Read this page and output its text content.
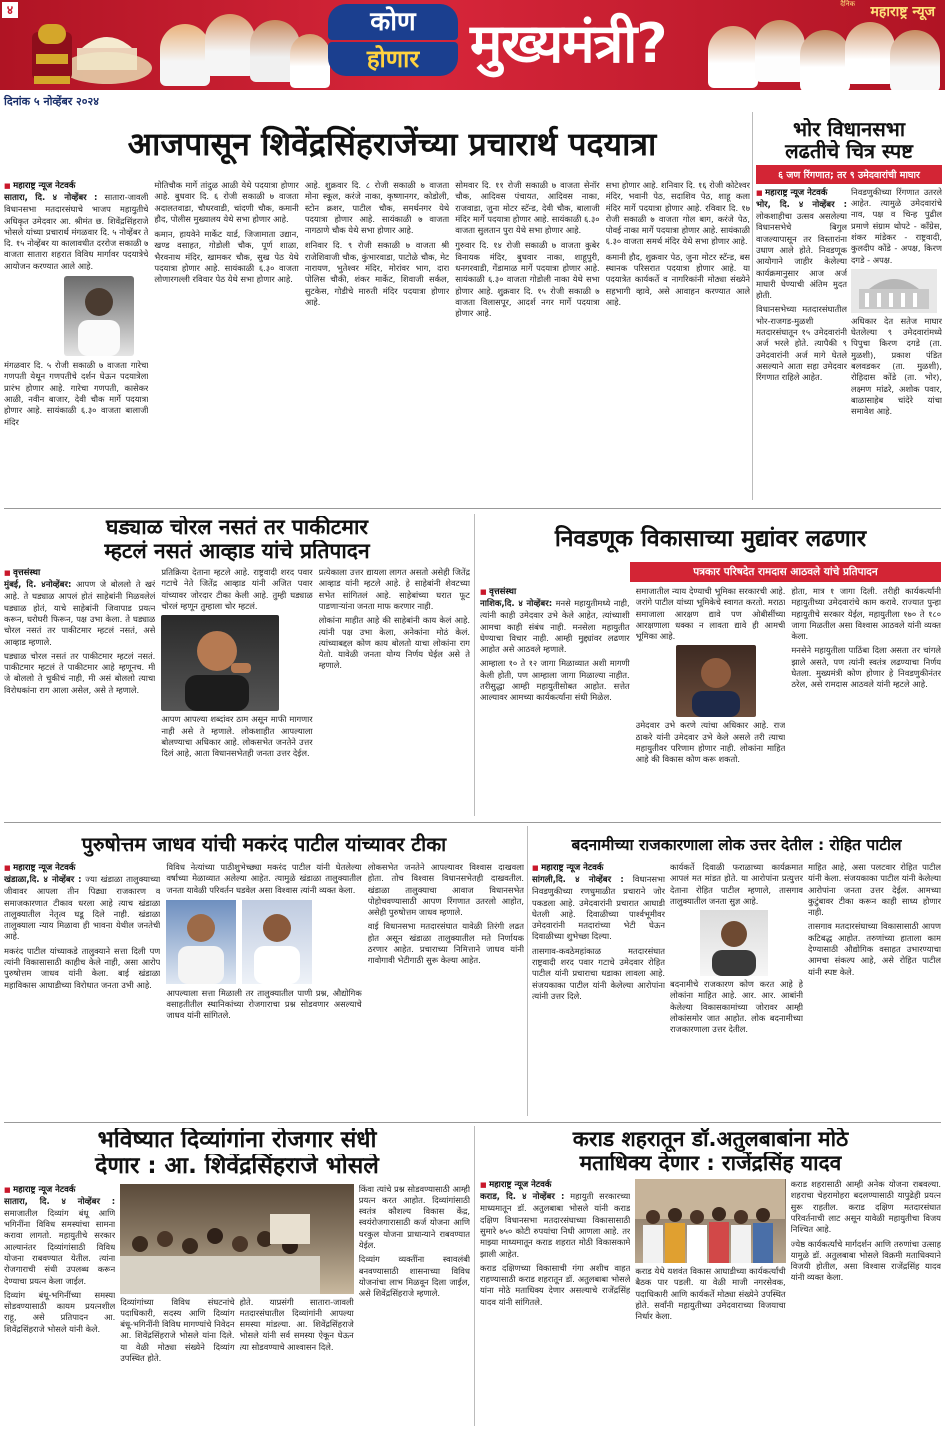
४	कोण
होणार मुख्यमंत्री?
दैनिक महाराष्ट्र न्यूज
दिनांक ५ नोव्हेंबर २०२४
आजपासून शिवेंद्रसिंहराजेंच्या प्रचारार्थ पदयात्रा
■ महाराष्ट्र न्यूज नेटवर्क
सातारा, दि. ४ नोव्हेंबर : सातारा-जावली विधानसभा मतदारसंघाचे भाजप महायुतीचे अधिकृत उमेदवार आ. श्रीमंत छ. शिवेंद्रसिंहराजे भोसले यांच्या प्रचारार्थ मंगळवार दि. ५ नोव्हेंबर ते दि. १५ नोव्हेंबर या कालावधीत दररोज सकाळी ७ वाजता सातारा शहरात विविध मार्गावर पदयात्रेचे आयोजन करण्यात आले आहे.
मंगळवार दि. ५ रोजी सकाळी ७ वाजता गारेचा गणपती येथून गणपतीचे दर्शन घेऊन पदयात्रेला प्रारंभ होणार आहे. गारेचा गणपती, कासेकर आळी, नवीन बाजार, देवी चौक मार्गे पदयात्रा होणार आहे. सायंकाळी ६.३० वाजता बालाजी मंदिर
मोतिचौक मार्गे तांदुळ आळी येथे पदयात्रा होणार आहे. बुधवार दि. ६ रोजी सकाळी ७ वाजता अदालतवाडा, चौधरवाडी, चांदणी चौक, कमानी हौद, पोलीस मुख्यालय येथे सभा होणार आहे.
कमान, हायवेने मार्केट यार्ड, जिजामाता उद्यान, खण्ड वसाहत, गोडोली चौक, पूर्ण शाळा, भैरवनाथ मंदिर, खामकर चौक, सुख पेठ येथे पदयात्रा होणार आहे. सायंकाळी ६.३० वाजता लोणारगल्ली रविवार पेठ येथे सभा होणार आहे.
आहे. शुक्रवार दि. ८ रोजी सकाळी ७ वाजता मोना स्कूल, करंजे नाका, कृष्णानगर, कोडोली, स्टोन क्रशर, पाटील चौक, समर्थनगर येथे पदयात्रा होणार आहे. सायंकाळी ७ वाजता नागठाणे चौक येथे सभा होणार आहे.
शनिवार दि. ९ रोजी सकाळी ७ वाजता श्री राजेशिवाजी चौक, कुंभारवाडा, पाटोळे चौक, मेट नारायण, भुतेश्वर मंदिर, मोरांवर भाग, दारा पोलिस चौकी, शंकर मार्केट, शिवाजी सर्कल, सुटकेस, गोडीचे मारुती मंदिर पदयात्रा होणार आहे.
सोमवार दि. ११ रोजी सकाळी ७ वाजता सेनॉर चौक, आदिवस पंचायत, आदिवस नाका, राजवाडा, जुना मोटर स्टॅन्ड, देवी चौक, बालाजी मंदिर मार्गे पदयात्रा होणार आहे. सायंकाळी ६.३० वाजता सुलतान पुरा येथे सभा होणार आहे.
गुरुवार दि. १४ रोजी सकाळी ७ वाजता कुबेर विनायक मंदिर, बुधवार नाका, शाहूपुरी, धनगरवाडी, गेंडामाळ मार्गे पदयात्रा होणार आहे. सायंकाळी ६.३० वाजता गोडोली नाका येथे सभा होणार आहे. शुक्रवार दि. १५ रोजी सकाळी ७ वाजता विलासपूर, आदर्श नगर मार्गे पदयात्रा होणार आहे.
सभा होणार आहे. शनिवार दि. १६ रोजी कोटेश्वर मंदिर, भवानी पेठ, सदाशिव पेठ, शाहू कला मंदिर मार्गे पदयात्रा होणार आहे. रविवार दि. १७ रोजी सकाळी ७ वाजता गोल बाग, करंजे पेठ, पोवई नाका मार्गे पदयात्रा होणार आहे. सायंकाळी ६.३० वाजता समर्थ मंदिर येथे सभा होणार आहे.
कमानी हौद, शुक्रवार पेठ, जुना मोटर स्टॅन्ड, बस स्थानक परिसरात पदयात्रा होणार आहे. या पदयात्रेत कार्यकर्ते व नागरिकांनी मोठ्या संख्येने सहभागी व्हावे, असे आवाहन करण्यात आले आहे.
भोर विधानसभा
लढतीचे चित्र स्पष्ट
६ जण रिंगणात; तर ९ उमेदवारांची माघार
■ महाराष्ट्र न्यूज नेटवर्क
भोर, दि. ४ नोव्हेंबर : लोकशाहीचा उत्सव असलेल्या विधानसभेचे बिगुल वाजल्यापासून तर विस्तारांना उधाण आले होते. निवडणूक आयोगाने जाहीर केलेल्या कार्यक्रमानुसार आज अर्ज माघारी घेण्याची अंतिम मुदत होती.
विधानसभेच्या मतदारसंघातील भोर-राजगड-मुळशी मतदारसंघातून १५ उमेदवारांनी अर्ज भरले होते. त्यापैकी ९ उमेदवारांनी अर्ज मागे घेतले असल्याने आता सहा उमेदवार रिंगणात राहिले आहेत.
निवडणुकीच्या रिंगणात उतरले आहेत. त्यामुळे उमेदवारांचे नाव, पक्ष व चिन्ह पुढील प्रमाणे संग्राम थोपटे - काँग्रेस, शंकर मांडेकर - राष्ट्रवादी, कुलदीप कोंडे - अपक्ष, किरण दगडे - अपक्ष.
अधिकार देत सतेज माघार घेतलेल्या ९ उमेदवारांमध्ये पिपुचा किरण दगडे (ता. मुळशी), प्रकाश पंडित बलवडकर (ता. मुळशी), रोहिदास कोंडे (ता. भोर), लक्ष्मण मांढरे, अशोक पवार, बाळासाहेब चांदेरे यांचा समावेश आहे.
घड्याळ चोरल नसतं तर पाकीटमार
म्हटलं नसतं आव्हाड यांचे प्रतिपादन
■ वृत्तसंस्था
मुंबई, दि. ४नोव्हेंबर: आपण जे बोललो ते खरं आहे. ते घड्याळ आपलं होतं साहेबांनी मिळवलेलं घड्याळ होतं, याचे साहेबांनी जिवापाड प्रयत्न करून, घरोघरी फिरून, पक्ष उभा केला. ते घड्याळ चोरल नसतं तर पाकीटमार म्हटलं नसतं, असे आव्हाड म्हणाले.
घड्याळ चोरल नसतं तर पाकीटमार म्हटलं नसतं. पाकीटमार म्हटलं ते पाकीटमार आहे म्हणूनच. मी जे बोललो ते चुकीचं नाही, मी असं बोललो त्याचा विरोधकांना राग आला असेल, असे ते म्हणाले.
प्रतिक्रिया देताना म्हटले आहे. राष्ट्रवादी शरद पवार गटाचे नेते जितेंद्र आव्हाड यांनी अजित पवार यांच्यावर जोरदार टीका केली आहे. तुम्ही घड्याळ चोरलं म्हणून तुम्हाला चोर म्हटलं.
आपण आपल्या शब्दांवर ठाम असून माफी मागणार नाही असे ते म्हणाले. लोकशाहीत आपल्याला बोलण्याचा अधिकार आहे. लोकसभेत जनतेने उत्तर दिलं आहे, आता विधानसभेतही जनता उत्तर देईल.
प्रत्येकाला उत्तर द्यायला लागत असतो असेही जितेंद्र आव्हाड यांनी म्हटले आहे. हे साहेबांनी शेवटच्या सभेत सांगितलं आहे. साहेबांच्या घरात फूट पाडणाऱ्यांना जनता माफ करणार नाही.
लोकांना माहीत आहे की साहेबांनी काय केलं आहे. त्यांनी पक्ष उभा केला, अनेकांना मोठं केलं. त्यांच्याबद्दल कोण काय बोलतो याचा लोकांना राग येतो. यावेळी जनता योग्य निर्णय घेईल असे ते म्हणाले.
निवडणूक विकासाच्या मुद्यांवर लढणार
पत्रकार परिषदेत रामदास आठवले यांचे प्रतिपादन
■ वृत्तसंस्था
नाशिक,दि. ४ नोव्हेंबर: मनसे महायुतीमध्ये नाही, त्यांनी काही उमेदवार उभे केले आहेत, त्यांच्याशी आमचा काही संबंध नाही. मनसेला महायुतीत घेण्याचा विचार नाही. आम्ही मुद्द्यांवर लढणार आहोत असे आठवले म्हणाले.
आम्हाला १० ते १२ जागा मिळाव्यात अशी मागणी केली होती, पण आम्हाला जागा मिळाल्या नाहीत. तरीसुद्धा आम्ही महायुतीसोबत आहोत. सत्तेत आल्यावर आमच्या कार्यकर्त्यांना संधी मिळेल.
समाजातील न्याय देण्याची भूमिका सरकारची आहे. जरांगे पाटील यांच्या भूमिकेचे स्वागत करतो. मराठा समाजाला आरक्षण द्यावे पण ओबीसींच्या आरक्षणाला धक्का न लावता द्यावे ही आमची भूमिका आहे.
उमेदवार उभे करणे त्यांचा अधिकार आहे. राज ठाकरे यांनी उमेदवार उभे केले असले तरी त्याचा महायुतीवर परिणाम होणार नाही. लोकांना माहित आहे की विकास कोण करू शकतो.
होता, मात्र १ जागा दिली. तरीही कार्यकर्त्यांनी महायुतीच्या उमेदवारांचे काम करावे. राज्यात पुन्हा महायुतीचे सरकार येईल, महायुतीला १७० ते १८० जागा मिळतील असा विश्वास आठवले यांनी व्यक्त केला.
मनसेने महायुतीला पाठिंबा दिला असता तर चांगले झाले असते, पण त्यांनी स्वतंत्र लढण्याचा निर्णय घेतला. मुख्यमंत्री कोण होणार हे निवडणुकीनंतर ठरेल, असे रामदास आठवले यांनी म्हटले आहे.
पुरुषोत्तम जाधव यांची मकरंद पाटील यांच्यावर टीका
■ महाराष्ट्र न्यूज नेटवर्क
खंडाळा,दि. ४ नोव्हेंबर : ज्या खंडाळा तालुक्याच्या जीवावर आपला तीन पिढ्या राजकारण व समाजकारणात टीकाव धरला आहे त्याच खंडाळा तालुक्यातील नेतृत्व घडू दिले नाही. खंडाळा तालुक्याला न्याय मिळावा ही भावना येथील जनतेची आहे.
मकरंद पाटील यांच्याकडे तालुक्याने सत्ता दिली पण त्यांनी विकासासाठी काहीच केले नाही, असा आरोप पुरुषोत्तम जाधव यांनी केला. बाई खंडाळा महाविकास आघाडीच्या विरोधात जनता उभी आहे.
विविध नेत्यांच्या पाठीशुभेच्छ्या मकरंद पाटील यांनी घेतलेल्या वर्षाच्या मेळाव्यात अलेल्या आहेत. त्यामुळे खंडाळा तालुक्यातील जनता यावेळी परिवर्तन घडवेल असा विश्वास त्यांनी व्यक्त केला.
आपल्याला सत्ता मिळाली तर तालुक्यातील पाणी प्रश्न, औद्योगिक वसाहतीतील स्थानिकांच्या रोजगाराचा प्रश्न सोडवणार असल्याचे जाधव यांनी सांगितले.
लोकसभेत जनतेने आपल्यावर विश्वास दाखवला होता. तोच विश्वास विधानसभेतही दाखवतील. खंडाळा तालुक्याचा आवाज विधानसभेत पोहोचवण्यासाठी आपण रिंगणात उतरलो आहोत, असेही पुरुषोत्तम जाधव म्हणाले.
वाई विधानसभा मतदारसंघात यावेळी तिरंगी लढत होत असून खंडाळा तालुक्यातील मते निर्णायक ठरणार आहेत. प्रचाराच्या निमित्ताने जाधव यांनी गावोगावी भेटीगाठी सुरू केल्या आहेत.
बदनामीच्या राजकारणाला लोक उत्तर देतील : रोहित पाटील
■ महाराष्ट्र न्यूज नेटवर्क
सांगली,दि. ४ नोव्हेंबर : विधानसभा निवडणुकीच्या रणधुमाळीत प्रचाराने जोर पकडला आहे. उमेदवारांनी प्रचारात आघाडी घेतली आहे. दिवाळीच्या पार्श्वभूमीवर उमेदवारांनी मतदारांच्या भेटी घेऊन दिवाळीच्या शुभेच्छा दिल्या.
तासगाव-कवठेमहांकाळ मतदारसंघात राष्ट्रवादी शरद पवार गटाचे उमेदवार रोहित पाटील यांनी प्रचाराचा धडाका लावला आहे. संजयकाका पाटील यांनी केलेल्या आरोपांना त्यांनी उत्तर दिले.
कार्यकर्ते दिवाळी फराळाच्या कार्यक्रमात आपलं मत मांडत होते. या आरोपांना प्रत्युत्तर देताना रोहित पाटील म्हणाले, तासगाव तालुक्यातील जनता सुज्ञ आहे.
बदनामीचे राजकारण कोण करत आहे हे लोकांना माहित आहे. आर. आर. आबांनी केलेल्या विकासकामांच्या जोरावर आम्ही लोकांसमोर जात आहोत. लोक बदनामीच्या राजकारणाला उत्तर देतील.
माहित आहे, असा पलटवार रोहित पाटील यांनी केला. संजयकाका पाटील यांनी केलेल्या आरोपांना जनता उत्तर देईल. आमच्या कुटुंबावर टीका करून काही साध्य होणार नाही.
तासगाव मतदारसंघाच्या विकासासाठी आपण कटिबद्ध आहोत. तरुणांच्या हाताला काम देण्यासाठी औद्योगिक वसाहत उभारण्याचा आमचा संकल्प आहे, असे रोहित पाटील यांनी स्पष्ट केले.
भविष्यात दिव्यांगांना रोजगार संधी
देणार : आ. शिवेंद्रसिंहराजे भोसले
■ महाराष्ट्र न्यूज नेटवर्क
सातारा, दि. ४ नोव्हेंबर : समाजातील दिव्यांग बंधू आणि भगिनींना विविध समस्यांचा सामना करावा लागतो. महायुतीचे सरकार आल्यानंतर दिव्यांगांसाठी विविध योजना राबवण्यात येतील. त्यांना रोजगाराची संधी उपलब्ध करून देण्याचा प्रयत्न केला जाईल.
दिव्यांग बंधू-भगिनींच्या समस्या सोडवण्यासाठी कायम प्रयत्नशील राहू, असे प्रतिपादन आ. शिवेंद्रसिंहराजे भोसले यांनी केले.
दिव्यांगांच्या विविध संघटनांचे पदाधिकारी, सदस्य आणि दिव्यांग बंधू-भगिनींनी विविध मागण्यांचे निवेदन आ. शिवेंद्रसिंहराजे भोसले यांना दिले. या वेळी मोठ्या संख्येने दिव्यांग उपस्थित होते.
होते. याप्रसंगी सातारा-जावली मतदारसंघातील दिव्यांगांनी आपल्या समस्या मांडल्या. आ. शिवेंद्रसिंहराजे भोसले यांनी सर्व समस्या ऐकून घेऊन त्या सोडवण्याचे आश्वासन दिले.
किंवा त्यांचे प्रश्न सोडवण्यासाठी आम्ही प्रयत्न करत आहोत. दिव्यांगांसाठी स्वतंत्र कौशल्य विकास केंद्र, स्वयंरोजगारासाठी कर्ज योजना आणि घरकुल योजना प्राधान्याने राबवण्यात येईल.
दिव्यांग व्यक्तींना स्वावलंबी बनवण्यासाठी शासनाच्या विविध योजनांचा लाभ मिळवून दिला जाईल, असे शिवेंद्रसिंहराजे म्हणाले.
कराड शहरातून डॉ.अतुलबाबांना मोठे
मताधिक्य देणार : राजेंद्रसिंह यादव
■ महाराष्ट्र न्यूज नेटवर्क
कराड, दि. ४ नोव्हेंबर : महायुती सरकारच्या माध्यमातून डॉ. अतुलबाबा भोसले यांनी कराड दक्षिण विधानसभा मतदारसंघाच्या विकासासाठी सुमारे ७५० कोटी रुपयांचा निधी आणला आहे. तर माझ्या माध्यमातून कराड शहरात मोठी विकासकामे झाली आहेत.
कराड दक्षिणच्या विकासाची गंगा अशीच वाहत राहण्यासाठी कराड शहरातून डॉ. अतुलबाबा भोसले यांना मोठे मताधिक्य देणार असल्याचे राजेंद्रसिंह यादव यांनी सांगितले.
कराड येथे यशवंत विकास आघाडीच्या कार्यकर्त्यांची बैठक पार पडली. या वेळी माजी नगरसेवक, पदाधिकारी आणि कार्यकर्ते मोठ्या संख्येने उपस्थित होते. सर्वांनी महायुतीच्या उमेदवाराच्या विजयाचा निर्धार केला.
कराड शहरासाठी आम्ही अनेक योजना राबवल्या. शहराचा चेहरामोहरा बदलण्यासाठी यापुढेही प्रयत्न सुरू राहतील. कराड दक्षिण मतदारसंघात परिवर्तनाची लाट असून यावेळी महायुतीचा विजय निश्चित आहे.
ज्येष्ठ कार्यकर्त्यांचे मार्गदर्शन आणि तरुणांचा उत्साह यामुळे डॉ. अतुलबाबा भोसले विक्रमी मताधिक्याने विजयी होतील, असा विश्वास राजेंद्रसिंह यादव यांनी व्यक्त केला.
